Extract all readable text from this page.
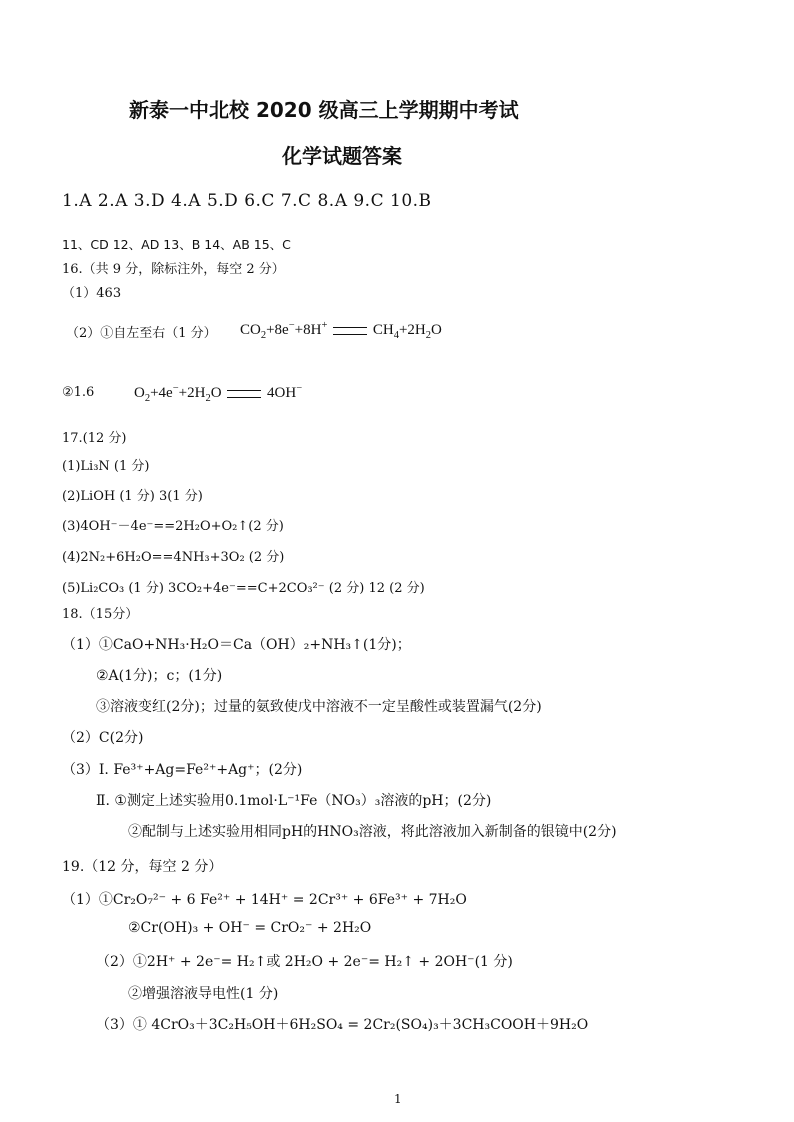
新泰一中北校 2020 级高三上学期期中考试
化学试题答案
1.A 2.A 3.D 4.A 5.D 6.C 7.C 8.A 9.C 10.B
11、CD 12、AD 13、B 14、AB 15、C
16.（共 9 分，除标注外，每空 2 分）
（1）463
（2）①自左至右（1 分） $CO_2+8e^-+8H^+$	$CH_4+2H_2O$
②1.6	$O_2+4e^-+2H_2O$	4OH−
17.(12 分)
(1)Li₃N (1 分)
(2)LiOH (1 分) 3(1 分)
(3)4OH⁻－4e⁻==2H₂O+O₂↑(2 分)
(4)2N₂+6H₂O==4NH₃+3O₂ (2 分)
(5)Li₂CO₃ (1 分) 3CO₂+4e⁻==C+2CO₃²⁻ (2 分) 12 (2 分)
18.（15分）
（1）①CaO+NH₃·H₂O＝Ca（OH）₂+NH₃↑(1分)；
②A(1分)；c；(1分)
③溶液变红(2分)；过量的氨致使戊中溶液不一定呈酸性或装置漏气(2分)
（2）C(2分)
（3）Ⅰ. Fe³⁺+Ag=Fe²⁺+Ag⁺；(2分)
Ⅱ. ①测定上述实验用0.1mol·L⁻¹Fe（NO₃）₃溶液的pH；(2分)
②配制与上述实验用相同pH的HNO₃溶液，将此溶液加入新制备的银镜中(2分)
19.（12 分，每空 2 分）
（1）①Cr₂O₇²⁻ + 6 Fe²⁺ + 14H⁺ = 2Cr³⁺ + 6Fe³⁺ + 7H₂O
②Cr(OH)₃ + OH⁻ = CrO₂⁻ + 2H₂O
（2）①2H⁺ + 2e⁻= H₂↑或 2H₂O + 2e⁻= H₂↑ + 2OH⁻(1 分)
②增强溶液导电性(1 分)
（3）① 4CrO₃＋3C₂H₅OH＋6H₂SO₄ = 2Cr₂(SO₄)₃＋3CH₃COOH＋9H₂O
1
